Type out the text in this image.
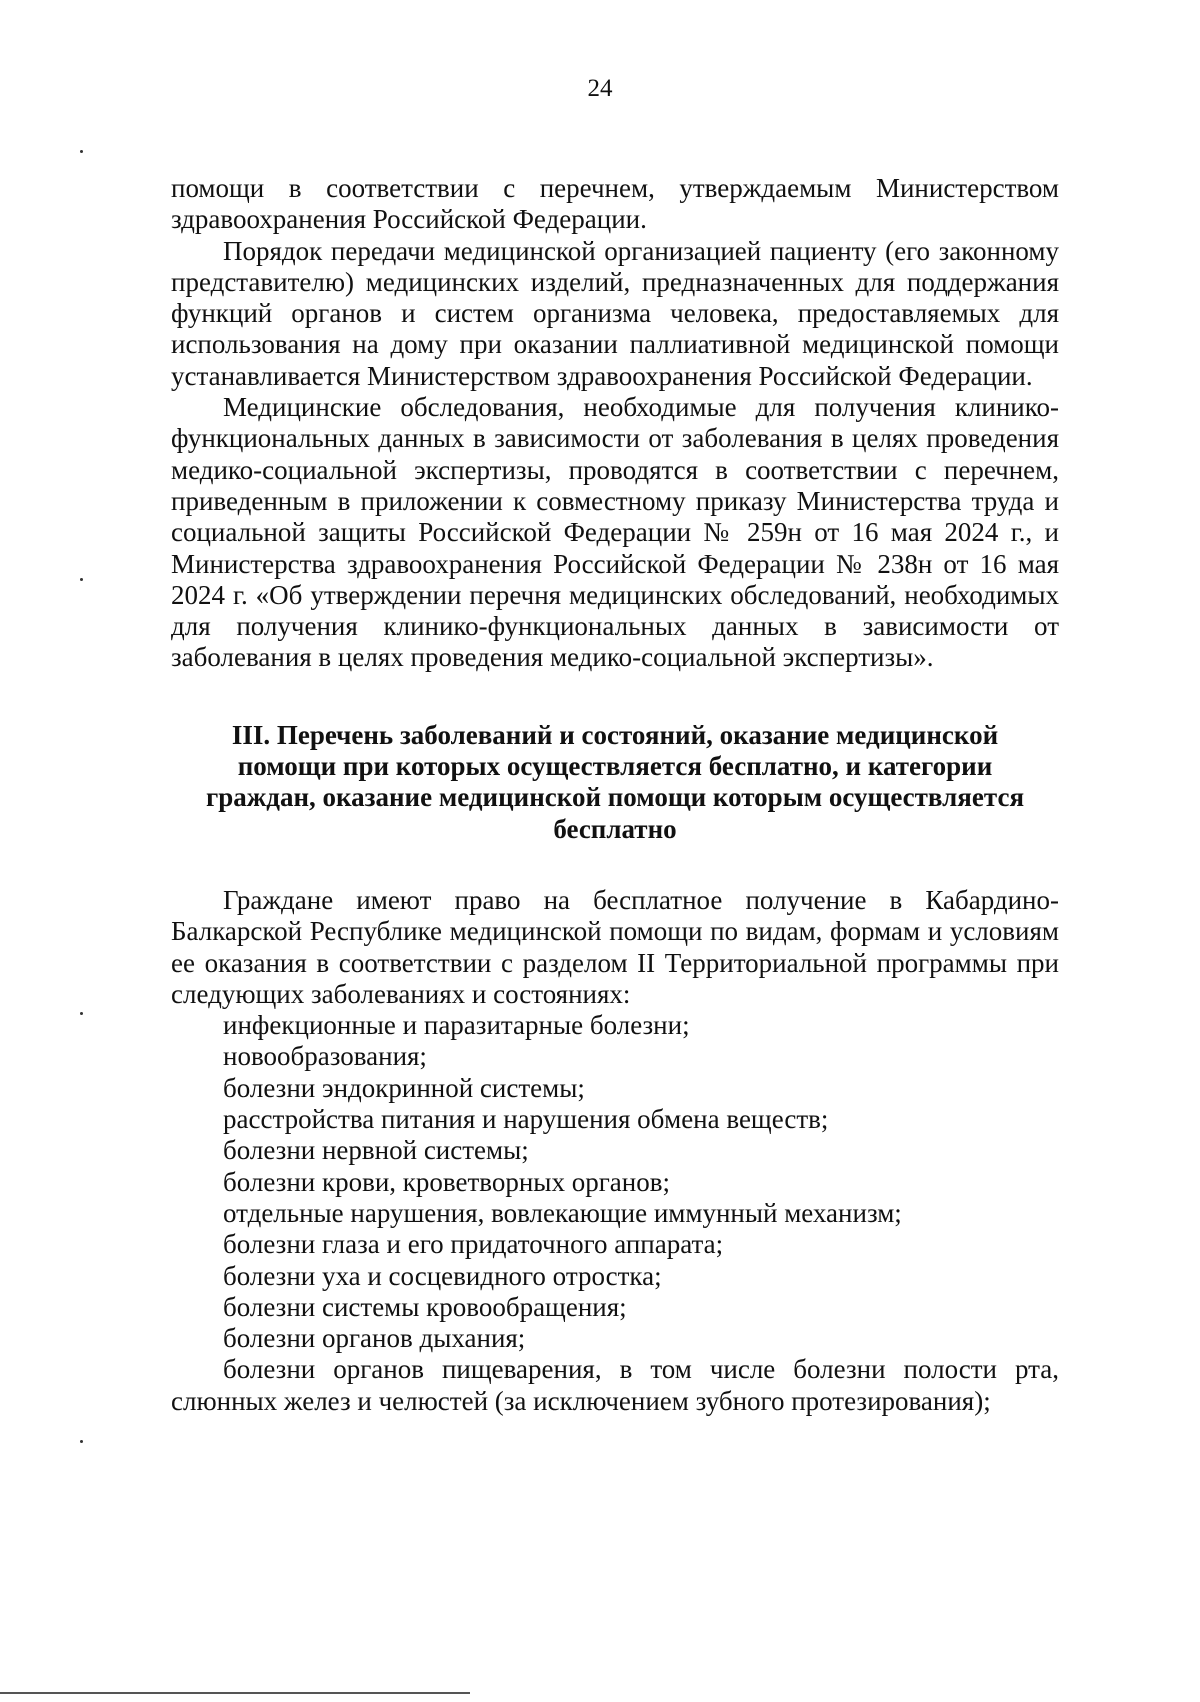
24

помощи в соответствии с перечнем, утверждаемым Министерством здравоохранения Российской Федерации.

Порядок передачи медицинской организацией пациенту (его законному представителю) медицинских изделий, предназначенных для поддержания функций органов и систем организма человека, предоставляемых для использования на дому при оказании паллиативной медицинской помощи устанавливается Министерством здравоохранения Российской Федерации.

Медицинские обследования, необходимые для получения клинико-функциональных данных в зависимости от заболевания в целях проведения медико-социальной экспертизы, проводятся в соответствии с перечнем, приведенным в приложении к совместному приказу Министерства труда и социальной защиты Российской Федерации № 259н от 16 мая 2024 г., и Министерства здравоохранения Российской Федерации № 238н от 16 мая 2024 г. «Об утверждении перечня медицинских обследований, необходимых для получения клинико-функциональных данных в зависимости от заболевания в целях проведения медико-социальной экспертизы».

III. Перечень заболеваний и состояний, оказание медицинской помощи при которых осуществляется бесплатно, и категории граждан, оказание медицинской помощи которым осуществляется бесплатно

Граждане имеют право на бесплатное получение в Кабардино-Балкарской Республике медицинской помощи по видам, формам и условиям ее оказания в соответствии с разделом II Территориальной программы при следующих заболеваниях и состояниях:

инфекционные и паразитарные болезни;

новообразования;

болезни эндокринной системы;

расстройства питания и нарушения обмена веществ;

болезни нервной системы;

болезни крови, кроветворных органов;

отдельные нарушения, вовлекающие иммунный механизм;

болезни глаза и его придаточного аппарата;

болезни уха и сосцевидного отростка;

болезни системы кровообращения;

болезни органов дыхания;

болезни органов пищеварения, в том числе болезни полости рта, слюнных желез и челюстей (за исключением зубного протезирования);
